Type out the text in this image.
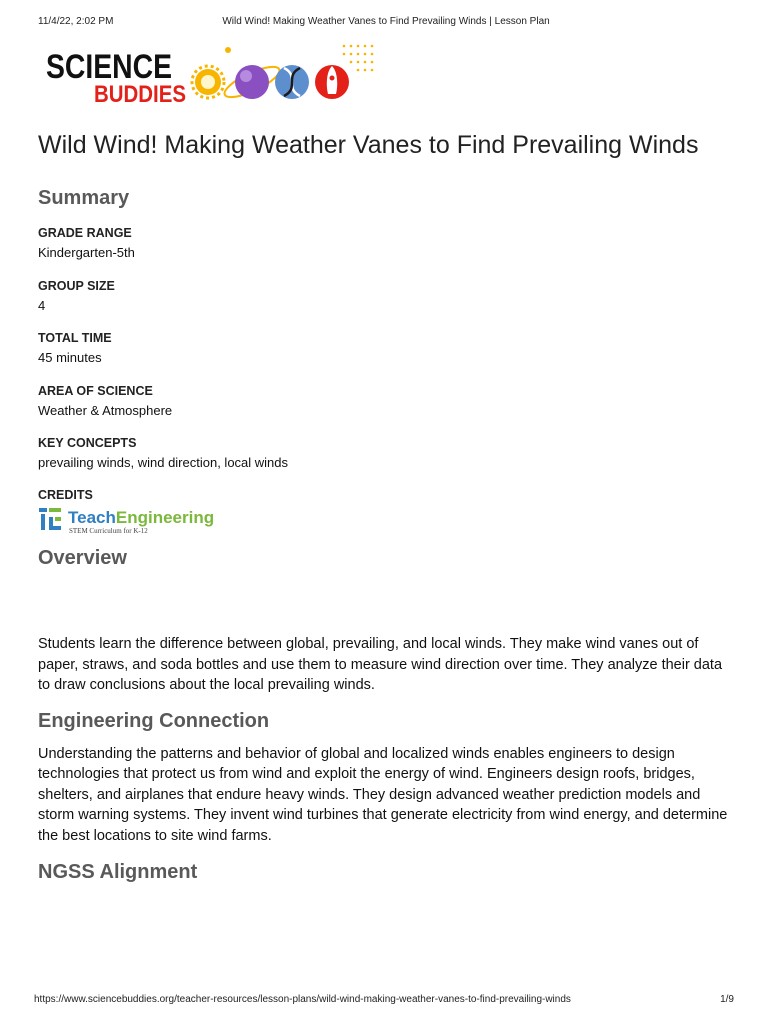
11/4/22, 2:02 PM	Wild Wind! Making Weather Vanes to Find Prevailing Winds | Lesson Plan
SCIENCE
BUDDIES
Wild Wind! Making Weather Vanes to Find Prevailing Winds
Summary
GRADE RANGE
Kindergarten-5th
GROUP SIZE
4
TOTAL TIME
45 minutes
AREA OF SCIENCE
Weather & Atmosphere
KEY CONCEPTS
prevailing winds, wind direction, local winds
CREDITS
TeachEngineering
STEM Curriculum for K-12
Overview

Students learn the difference between global, prevailing, and local winds. They make wind vanes out of paper, straws, and soda bottles and use them to measure wind direction over time. They analyze their data to draw conclusions about the local prevailing winds.

Engineering Connection

Understanding the patterns and behavior of global and localized winds enables engineers to design technologies that protect us from wind and exploit the energy of wind. Engineers design roofs, bridges, shelters, and airplanes that endure heavy winds. They design advanced weather prediction models and storm warning systems. They invent wind turbines that generate electricity from wind energy, and determine the best locations to site wind farms.

NGSS Alignment
https://www.sciencebuddies.org/teacher-resources/lesson-plans/wild-wind-making-weather-vanes-to-find-prevailing-winds	1/9
